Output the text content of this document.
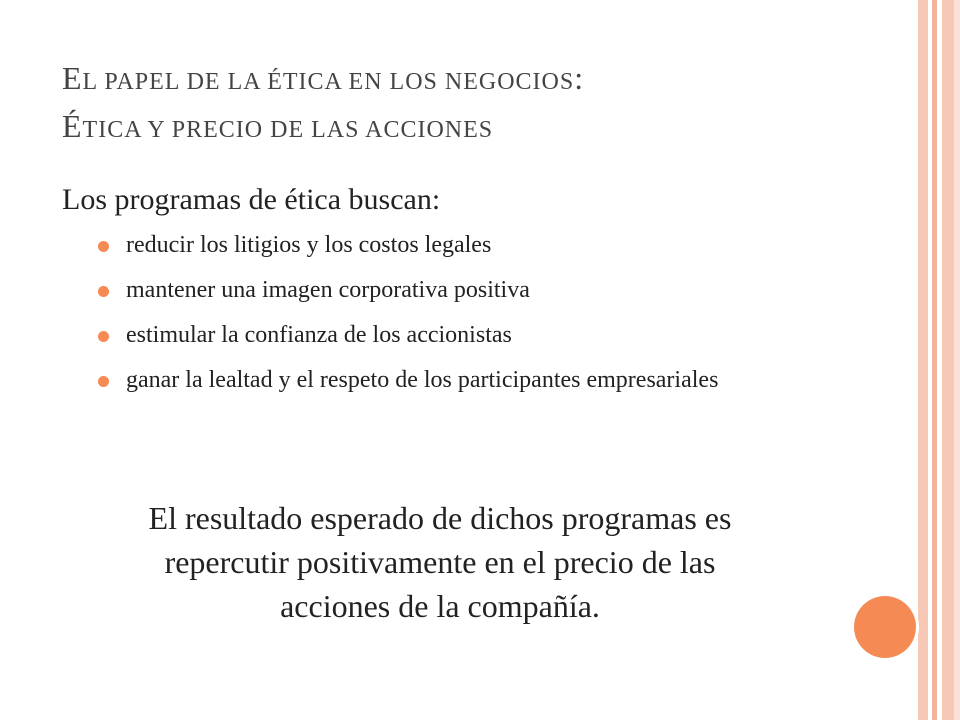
EL PAPEL DE LA ÉTICA EN LOS NEGOCIOS:
ÉTICA Y PRECIO DE LAS ACCIONES
Los programas de ética buscan:
reducir los litigios y los costos legales
mantener una imagen corporativa positiva
estimular la confianza de los accionistas
ganar la lealtad y el respeto de los participantes empresariales
El resultado esperado de dichos programas es
repercutir positivamente en el precio de las
acciones de la compañía.
